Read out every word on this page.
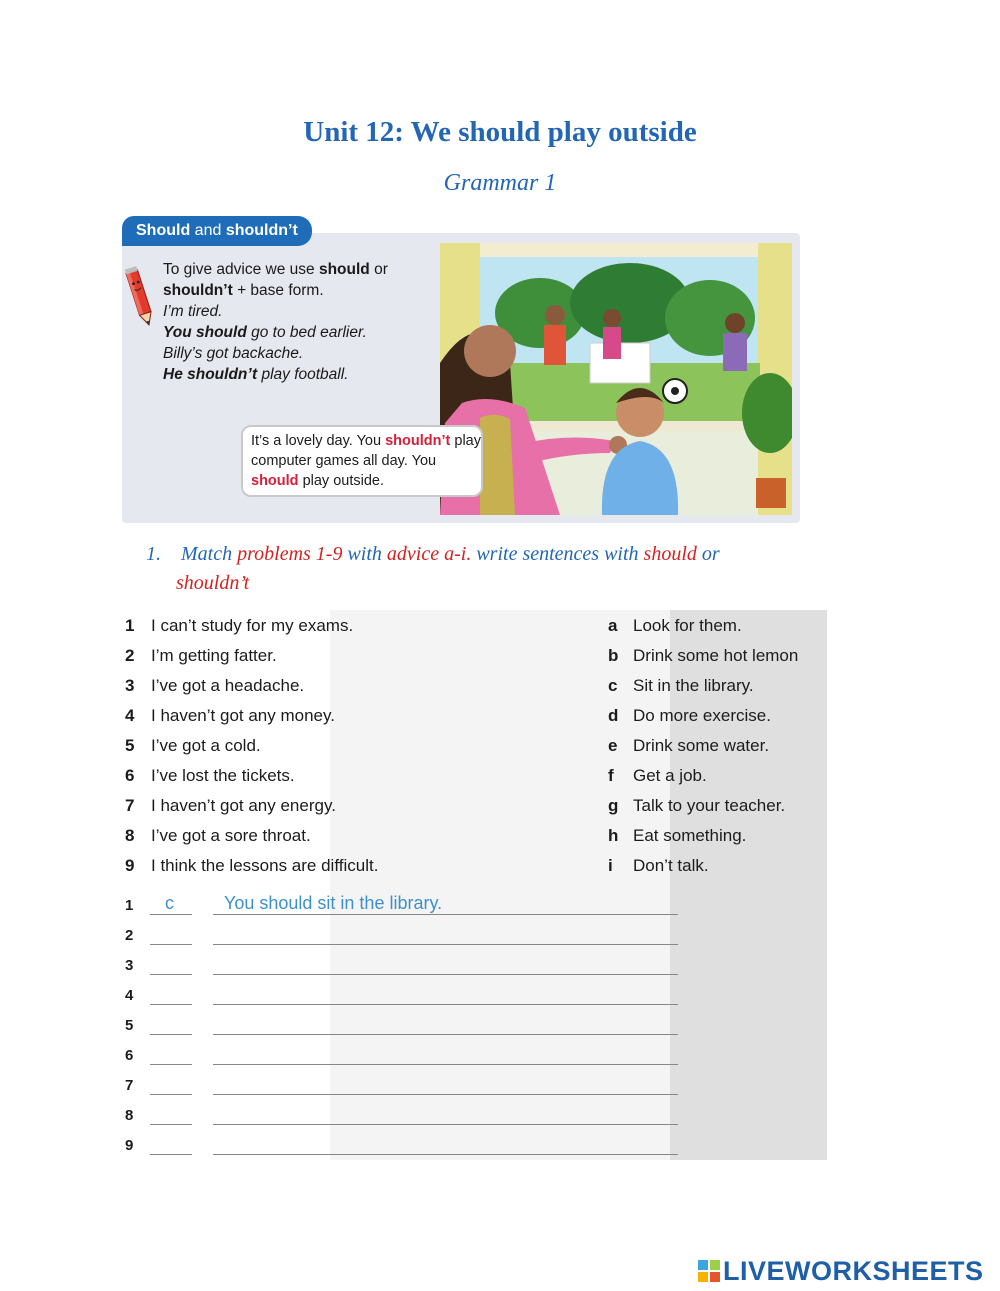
Unit 12: We should play outside
Grammar 1
Should and shouldn’t
To give advice we use should or
shouldn’t + base form.
I’m tired.
You should go to bed earlier.
Billy’s got backache.
He shouldn’t play football.
It’s a lovely day. You shouldn’t play computer games all day. You should play outside.
1. Match problems 1-9 with advice a-i. write sentences with should or
shouldn’t
1 I can’t study for my exams.
2 I’m getting fatter.
3 I’ve got a headache.
4 I haven’t got any money.
5 I’ve got a cold.
6 I’ve lost the tickets.
7 I haven’t got any energy.
8 I’ve got a sore throat.
9 I think the lessons are difficult.
a Look for them.
b Drink some hot lemon
c Sit in the library.
d Do more exercise.
e Drink some water.
f Get a job.
g Talk to your teacher.
h Eat something.
i Don’t talk.
1 c	You should sit in the library.
2
3
4
5
6
7
8
9
LIVEWORKSHEETS
